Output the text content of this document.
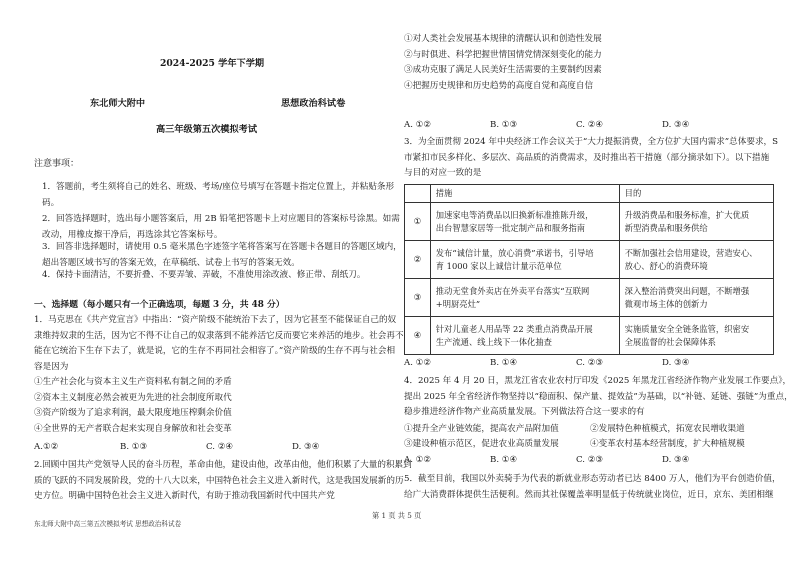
2024-2025 学年下学期
东北师大附中	思想政治科试卷
高三年级第五次模拟考试
注意事项：
1．答题前，考生须将自己的姓名、班级、考场/座位号填写在答题卡指定位置上，并粘贴条形
码。
2．回答选择题时，选出每小题答案后，用 2B 铅笔把答题卡上对应题目的答案标号涂黑。如需
改动，用橡皮擦干净后，再选涂其它答案标号。
3．回答非选择题时，请使用 0.5 毫米黑色字迹签字笔将答案写在答题卡各题目的答题区域内，
超出答题区域书写的答案无效，在草稿纸、试卷上书写的答案无效。
4．保持卡面清洁，不要折叠、不要弄皱、弄破，不准使用涂改液、修正带、刮纸刀。
一、选择题（每小题只有一个正确选项，每题 3 分，共 48 分）
1．马克思在《共产党宣言》中指出：“资产阶级不能统治下去了，因为它甚至不能保证自己的奴
隶维持奴隶的生活，因为它不得不让自己的奴隶落到不能养活它反而要它来养活的地步。社会再不
能在它统治下生存下去了，就是说，它的生存不再同社会相容了。”资产阶级的生存不再与社会相
容是因为
①生产社会化与资本主义生产资料私有制之间的矛盾
②资本主义制度必然会被更为先进的社会制度所取代
③资产阶级为了追求利润，最大限度地压榨剩余价值
④全世界的无产者联合起来实现自身解放和社会变革
A.①②	B. ①③	C. ②④	D. ③④
2.回顾中国共产党领导人民的奋斗历程，革命由他，建设由他，改革由他，他们积累了大量的积累到
质的飞跃的不同发展阶段，党的十八大以来，中国特色社会主义进入新时代，这是我国发展新的历
史方位。明确中国特色社会主义进入新时代，有助于推动我国新时代中国共产党
①对人类社会发展基本规律的清醒认识和创造性发展
②与时俱进、科学把握世情国情党情深刻变化的能力
③成功克服了满足人民美好生活需要的主要制约因素
④把握历史规律和历史趋势的高度自觉和高度自信
A. ①②	B. ①③	C. ②④	D. ③④
3．为全面贯彻 2024 年中央经济工作会议关于“大力提振消费，全方位扩大国内需求”总体要求，S
市紧扣市民多样化、多层次、高品质的消费需求，及时推出若干措施（部分摘录如下）。以下措施
与目的对应一致的是
	措施	目的
①	加速家电等消费品以旧换新标准推陈升级，
出台智慧家居等一批定制产品和服务指南	升级消费品和服务标准，扩大优质
新型消费品和服务供给

②	发布“诚信计量，放心消费”承诺书，引导培
育 1000 家以上诚信计量示范单位	不断加强社会信用建设，营造安心、
放心、舒心的消费环境

③	推动无堂食外卖店在外卖平台落实“互联网
+明厨亮灶”	深入整治消费突出问题，不断增强
微观市场主体的创新力

④	针对儿童老人用品等 22 类重点消费品开展
生产流通、线上线下一体化抽查	实施质量安全全链条监管，织密安
全展监督的社会保障体系
A. ①②	B. ①④	C. ②③	D. ③④
4．2025 年 4 月 20 日，黑龙江省农业农村厅印发《2025 年黑龙江省经济作物产业发展工作要点》，
提出 2025 年全省经济作物坚持以“稳面积、保产量、提效益”为基础，以“补链、延链、强链”为重点，
稳步推进经济作物产业高质量发展。下列做法符合这一要求的有
①提升全产业链效能，提高农产品附加值	②发展特色种植模式，拓宽农民增收渠道
③建设种植示范区，促进农业高质量发展	④变革农村基本经营制度，扩大种植规模
A. ①②	B. ①④	C. ②③	D. ③④
5．截至目前，我国以外卖骑手为代表的新就业形态劳动者已达 8400 万人，他们为平台创造价值，
给广大消费群体提供生活便利。然而其社保覆盖率明显低于传统就业岗位，近日，京东、美团相继
东北师大附中高三第五次模拟考试 思想政治科试卷
第 1 页 共 5 页
